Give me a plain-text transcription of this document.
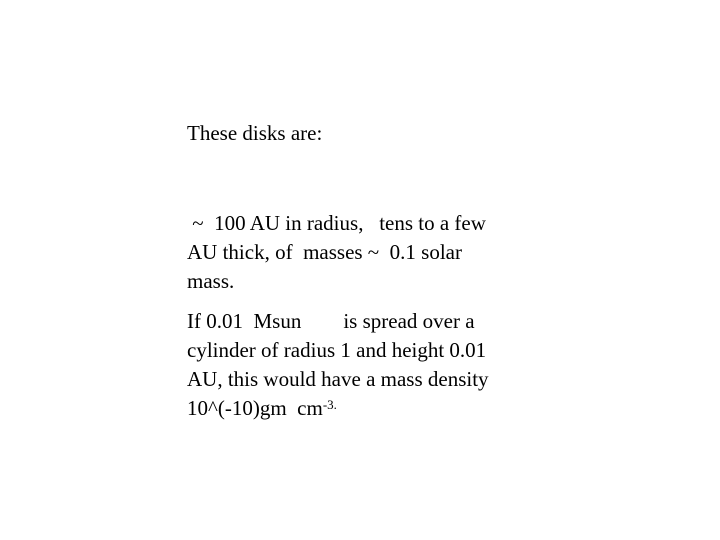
These disks are:

~  100 AU in radius,   tens to a few
AU thick, of  masses ~  0.1 solar
mass.

If 0.01  Msun        is spread over a
cylinder of radius 1 and height 0.01
AU, this would have a mass density
10^(-10)gm  $cm^{-3.}$
